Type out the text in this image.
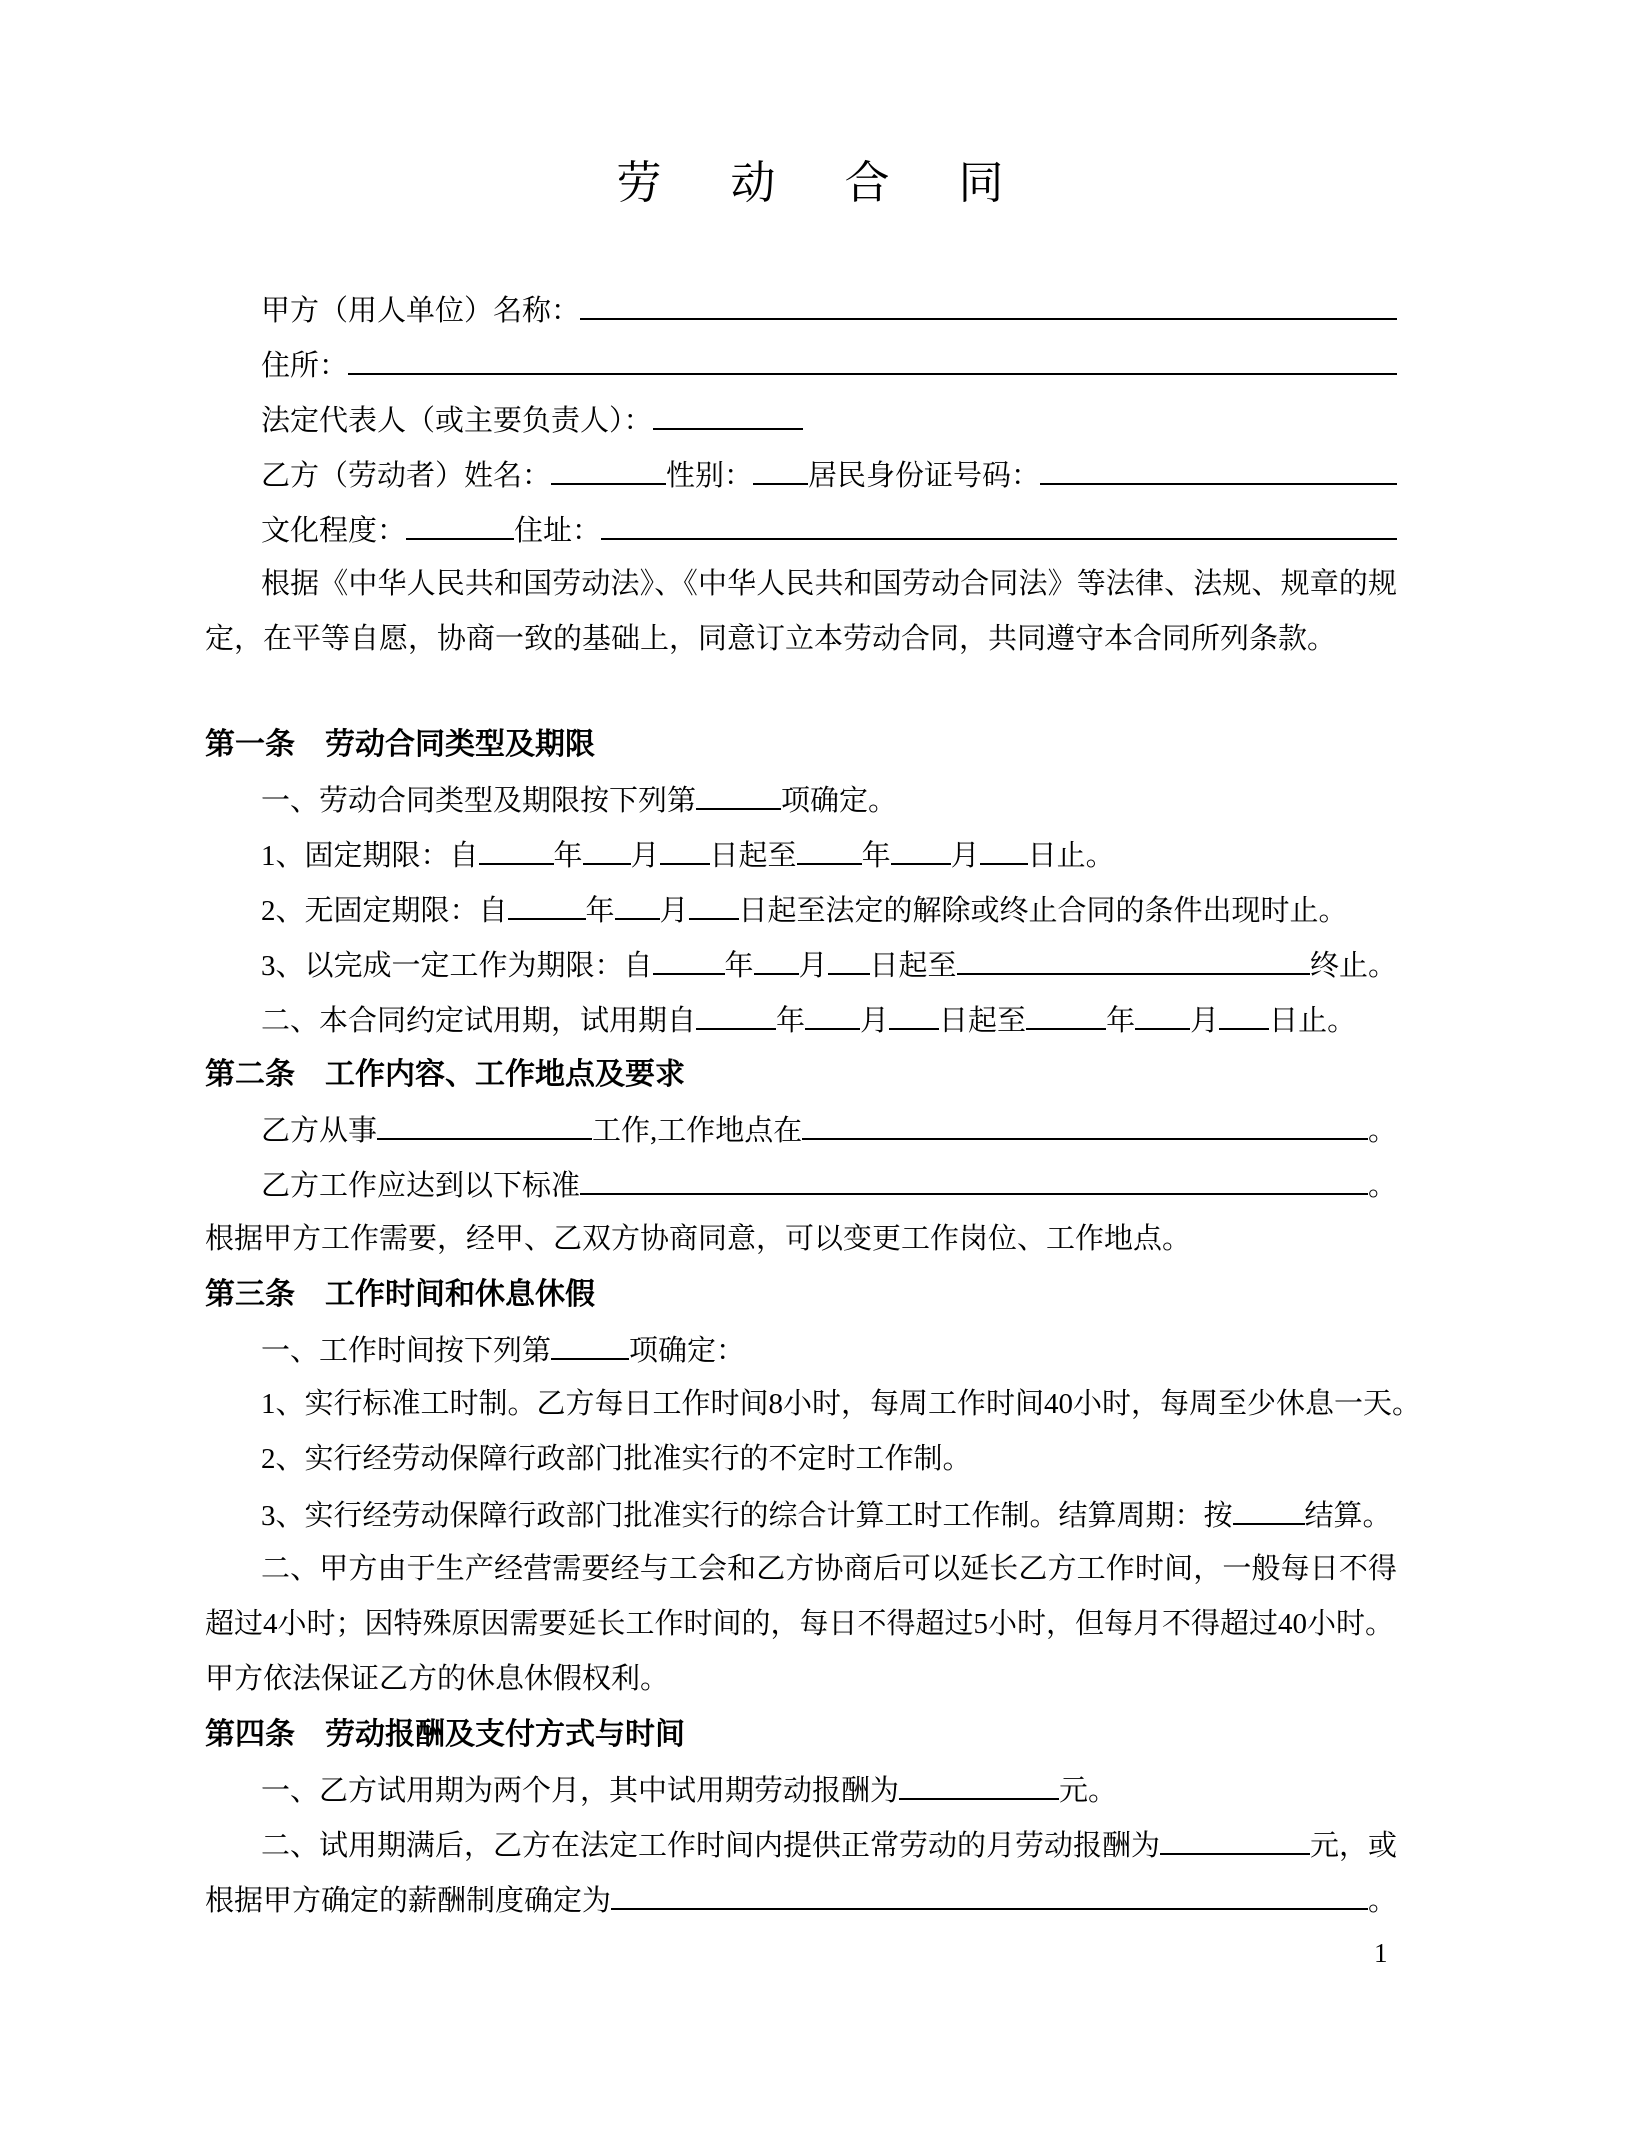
劳　动　合　同
甲方（用人单位）名称：
住所：
法定代表人（或主要负责人）：
乙方（劳动者）姓名：	性别： 居民身份证号码：
文化程度：	住址：
根据《中华人民共和国劳动法》、《中华人民共和国劳动合同法》等法律、法规、规章的规
定，在平等自愿，协商一致的基础上，同意订立本劳动合同，共同遵守本合同所列条款。
第一条　劳动合同类型及期限
一、劳动合同类型及期限按下列第	项确定。
1、固定期限：自	年 月 日起至 年 月 日止。
2、无固定期限：自	年 月 日起至法定的解除或终止合同的条件出现时止。
3、以完成一定工作为期限：自 年 月 日起至	终止。
二、本合同约定试用期，试用期自	年 月 日起至	年 月 日止。
第二条　工作内容、工作地点及要求
乙方从事	工作,工作地点在	。
乙方工作应达到以下标准	。
根据甲方工作需要，经甲、乙双方协商同意，可以变更工作岗位、工作地点。
第三条　工作时间和休息休假
一、工作时间按下列第	项确定：
1、实行标准工时制。乙方每日工作时间8小时，每周工作时间40小时，每周至少休息一天。
2、实行经劳动保障行政部门批准实行的不定时工作制。
3、实行经劳动保障行政部门批准实行的综合计算工时工作制。结算周期：按 结算。
二、甲方由于生产经营需要经与工会和乙方协商后可以延长乙方工作时间，一般每日不得
超过4小时；因特殊原因需要延长工作时间的，每日不得超过5小时，但每月不得超过40小时。
甲方依法保证乙方的休息休假权利。
第四条　劳动报酬及支付方式与时间
一、乙方试用期为两个月，其中试用期劳动报酬为	元。
二、试用期满后，乙方在法定工作时间内提供正常劳动的月劳动报酬为	元，或
根据甲方确定的薪酬制度确定为	。
1
